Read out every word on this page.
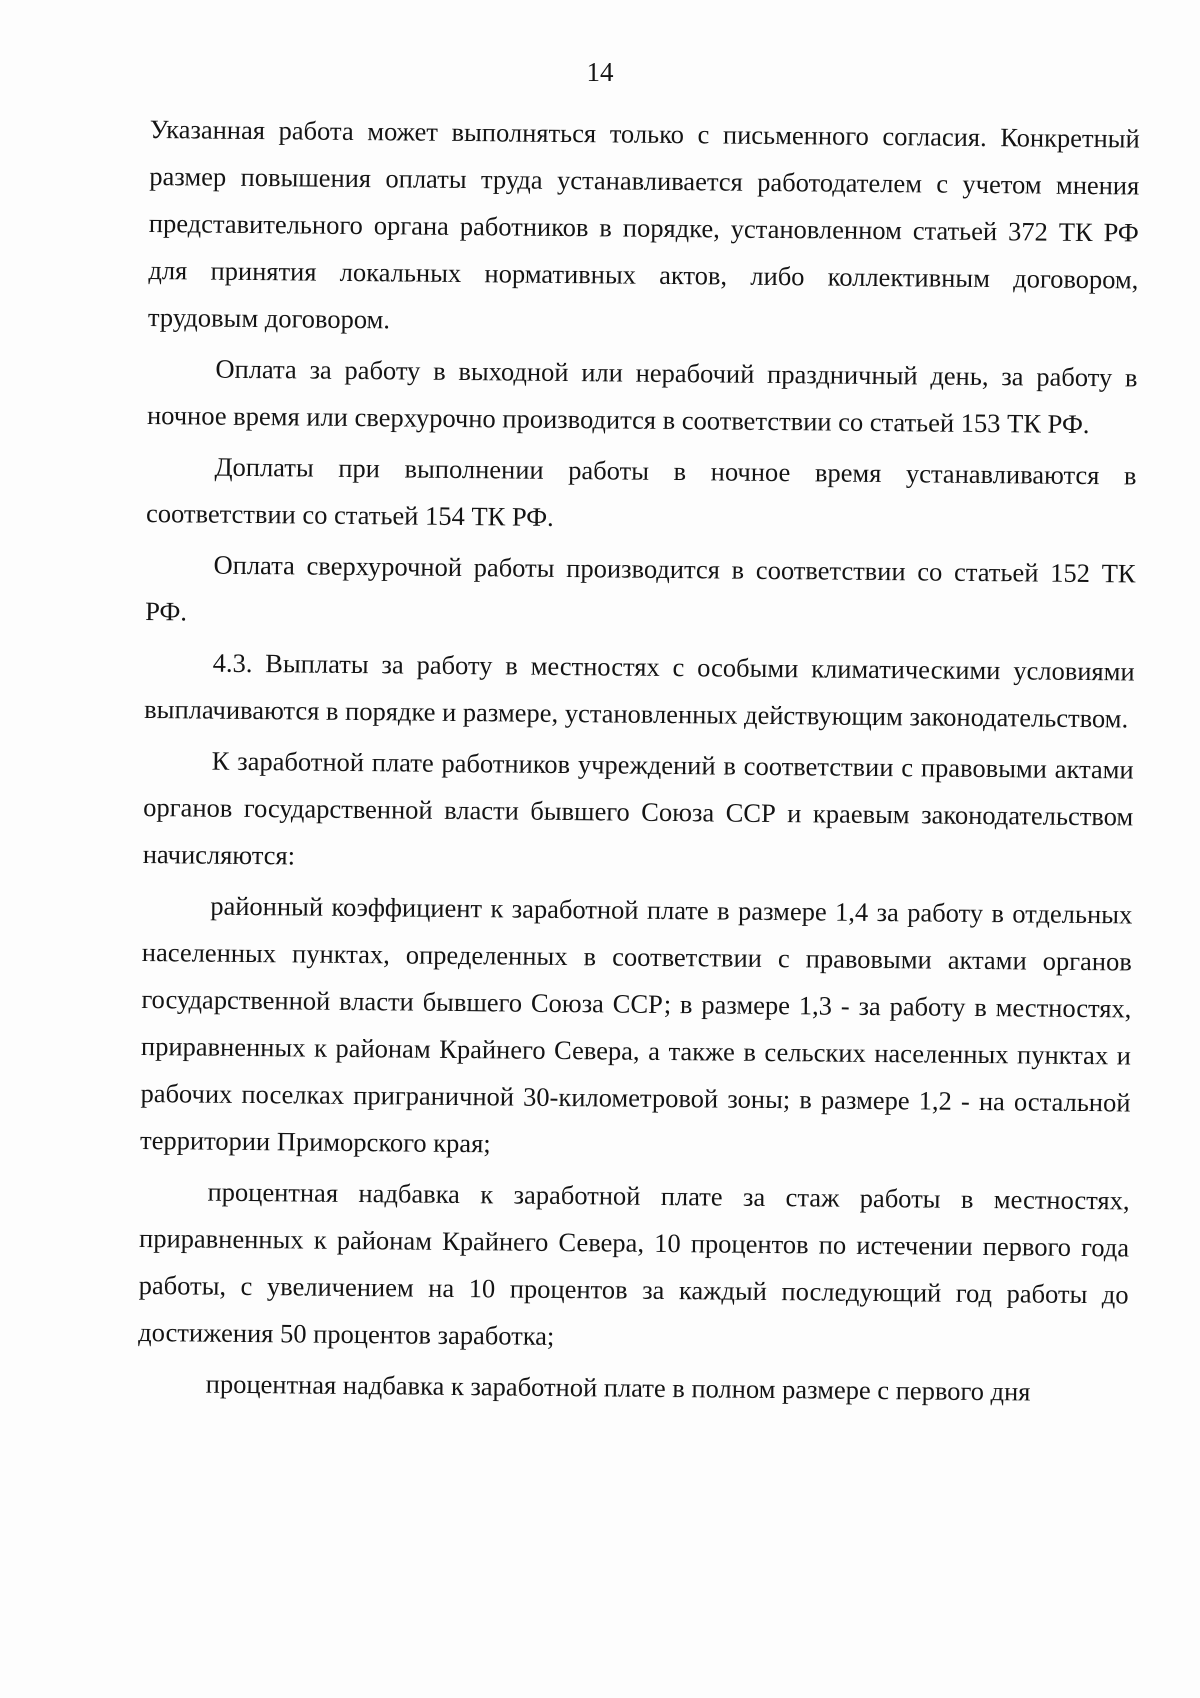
14

Указанная работа может выполняться только с письменного согласия. Конкретный размер повышения оплаты труда устанавливается работодателем с учетом мнения представительного органа работников в порядке, установленном статьей 372 ТК РФ для принятия локальных нормативных актов, либо коллективным договором, трудовым договором.

Оплата за работу в выходной или нерабочий праздничный день, за работу в ночное время или сверхурочно производится в соответствии со статьей 153 ТК РФ.

Доплаты при выполнении работы в ночное время устанавливаются в соответствии со статьей 154 ТК РФ.

Оплата сверхурочной работы производится в соответствии со статьей 152 ТК РФ.

4.3. Выплаты за работу в местностях с особыми климатическими условиями выплачиваются в порядке и размере, установленных действующим законодательством.

К заработной плате работников учреждений в соответствии с правовыми актами органов государственной власти бывшего Союза ССР и краевым законодательством начисляются:

районный коэффициент к заработной плате в размере 1,4 за работу в отдельных населенных пунктах, определенных в соответствии с правовыми актами органов государственной власти бывшего Союза ССР; в размере 1,3 - за работу в местностях, приравненных к районам Крайнего Севера, а также в сельских населенных пунктах и рабочих поселках приграничной 30-километровой зоны; в размере 1,2 - на остальной территории Приморского края;

процентная надбавка к заработной плате за стаж работы в местностях, приравненных к районам Крайнего Севера, 10 процентов по истечении первого года работы, с увеличением на 10 процентов за каждый последующий год работы до достижения 50 процентов заработка;

процентная надбавка к заработной плате в полном размере с первого дня
